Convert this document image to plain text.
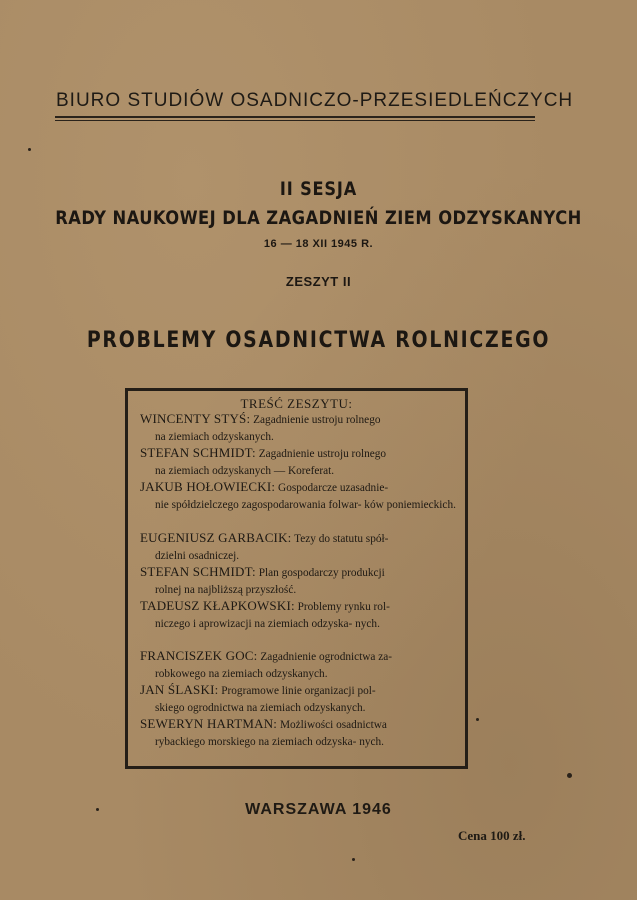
BIURO STUDIÓW OSADNICZO-PRZESIEDLEŃCZYCH
II SESJA
RADY NAUKOWEJ DLA ZAGADNIEŃ ZIEM ODZYSKANYCH
16 — 18 XII 1945 R.
ZESZYT II
PROBLEMY OSADNICTWA ROLNICZEGO
TREŚĆ ZESZYTU:
WINCENTY STYŚ: Zagadnienie ustroju rolnego
na ziemiach odzyskanych.
STEFAN SCHMIDT: Zagadnienie ustroju rolnego
na ziemiach odzyskanych — Koreferat.
JAKUB HOŁOWIECKI: Gospodarcze uzasadnie-
nie spółdzielczego zagospodarowania folwar- ków poniemieckich.
EUGENIUSZ GARBACIK: Tezy do statutu spół-
dzielni osadniczej.
STEFAN SCHMIDT: Plan gospodarczy produkcji
rolnej na najbliższą przyszłość.
TADEUSZ KŁAPKOWSKI: Problemy rynku rol-
niczego i aprowizacji na ziemiach odzyska- nych.
FRANCISZEK GOC: Zagadnienie ogrodnictwa za-
robkowego na ziemiach odzyskanych.
JAN ŚLASKI: Programowe linie organizacji pol-
skiego ogrodnictwa na ziemiach odzyskanych.
SEWERYN HARTMAN: Możliwości osadnictwa
rybackiego morskiego na ziemiach odzyska- nych.
WARSZAWA 1946
Cena 100 zł.
